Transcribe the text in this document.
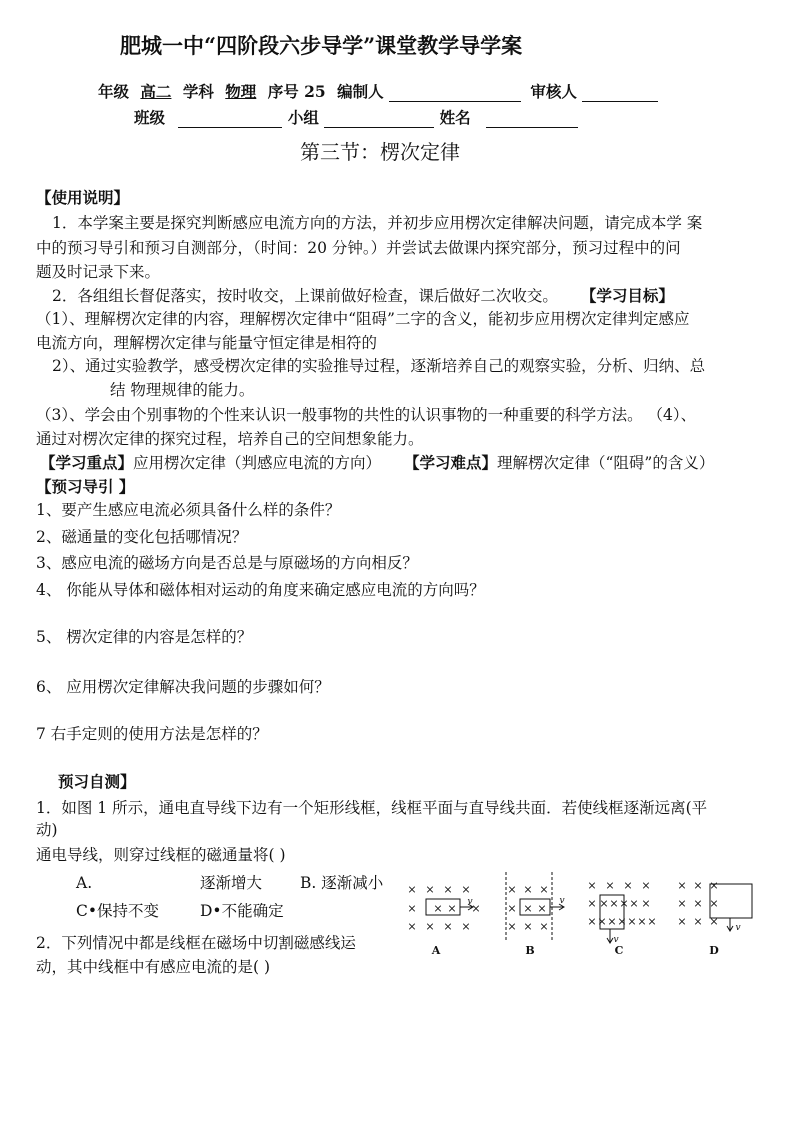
肥城一中“四阶段六步导学”课堂教学导学案
年级 高二 学科 物理 序号 25 编制人	审核人
班级	小组	姓名
第三节：楞次定律
【使用说明】
1．本学案主要是探究判断感应电流方向的方法，并初步应用楞次定律解决问题，请完成本学 案
中的预习导引和预习自测部分，（时间：20 分钟。）并尝试去做课内探究部分，预习过程中的问
题及时记录下来。
2．各组组长督促落实，按时收交，上课前做好检查，课后做好二次收交。 【学习目标】
（1）、理解楞次定律的内容，理解楞次定律中“阻碍”二字的含义，能初步应用楞次定律判定感应
电流方向，理解楞次定律与能量守恒定律是相符的
2）、通过实验教学，感受楞次定律的实验推导过程，逐渐培养自己的观察实验，分析、归纳、总
结 物理规律的能力。
（3）、学会由个别事物的个性来认识一般事物的共性的认识事物的一种重要的科学方法。 （4）、
通过对楞次定律的探究过程，培养自己的空间想象能力。
【学习重点】应用楞次定律（判感应电流的方向） 【学习难点】理解楞次定律（“阻碍”的含义）
【预习导引 】
1、要产生感应电流必须具备什么样的条件？
2、磁通量的变化包括哪情况？
3、感应电流的磁场方向是否总是与原磁场的方向相反？
4、 你能从导体和磁体相对运动的角度来确定感应电流的方向吗？
5、 楞次定律的内容是怎样的？
6、 应用楞次定律解决我问题的步骤如何？
7 右手定则的使用方法是怎样的？
预习自测】
1．如图 1 所示，通电直导线下边有一个矩形线框，线框平面与直导线共面．若使线框逐渐远离(平
动)
通电导线，则穿过线框的磁通量将( )
A.	逐渐增大 B. 逐渐减小
C•保持不变	D•不能确定
2．下列情况中都是线框在磁场中切割磁感线运
动，其中线框中有感应电流的是( )
× × × ×
× × × ×
× × × ×
v
A
× × ×
× × ×
× × ×
v
B
× × × ×
× × × × × ×
× × × × × × ×
v
C
× × ×
× × ×
× × × v
D
